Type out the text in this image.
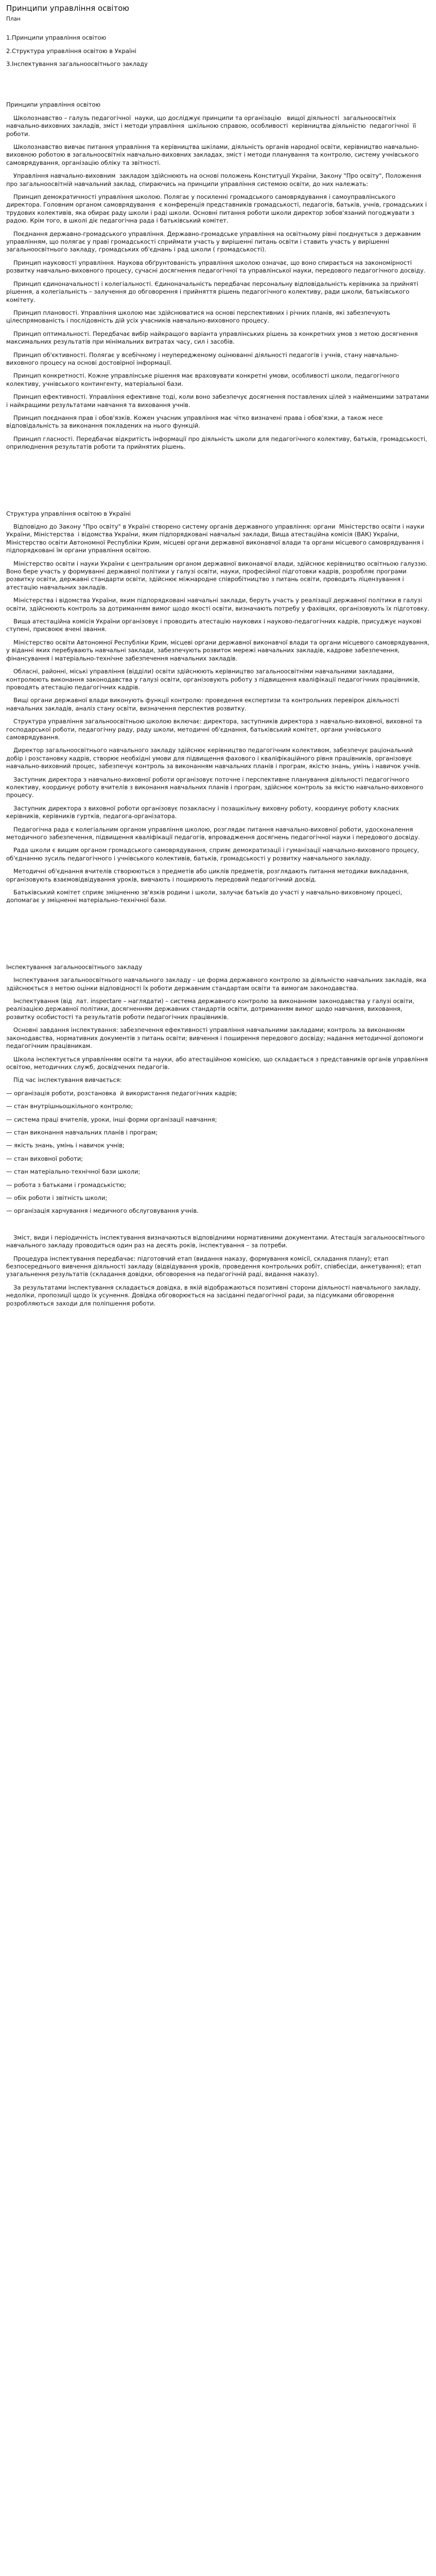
Принципи управління освітою
План

1.Принципи управління освітою

2.Структура управління освітою в Україні

3.Інспектування загальноосвітнього закладу

Принципи управління освітою

Школознавство – галузь педагогічної  науки, що досліджує принципи та організацію   вищої діяльності  загальноосвітніх навчально-виховних закладів, зміст і методи управління  шкільною справою, особливості  керівництва діяльністю  педагогічної  її роботи.

Школознавство вивчає питання управління та керівництва шкілами, діяльність органів народної освіти, керівництво навчально-виховною роботою в загальноосвітніх навчально-виховних закладах, зміст і методи планування та контролю, систему учнівського самоврядування, організацію обліку та звітності.

Управління навчально-виховним  закладом здійснюють на основі положень Конституції України, Закону "Про освіту", Положення про загальноосвітній навчальний заклад, спираючись на принципи управління системою освіти, до них належать:

Принцип демократичності управління школою. Полягає у посиленні громадського самоврядування і самоуправлінського директора. Головним органом самоврядування  є конференція представників громадськості, педагогів, батьків, учнів, громадських і трудових колективів, яка обирає раду школи і раді школи. Основні питання роботи школи директор зобов'язаний погоджувати з радою. Крім того, в школі діє педагогічна рада і батьківський комітет.

Поєднання державно-громадського управління. Державно-громадське управління на освітньому рівні поєднується з державним управлінням, що полягає у праві громадськості сприймати участь у вирішенні питань освіти і ставить участь у вирішенні загальноосвітнього закладу, громадських об'єднань і рад школи ( громадськості).

Принцип науковості управління. Наукова обґрунтованість управління школою означає, що воно спирається на закономірності розвитку навчально-виховного процесу, сучасні досягнення педагогічної та управлінської науки, передового педагогічного досвіду.

Принцип єдиноначальності і колегіальності. Єдиноначальність передбачає персональну відповідальність керівника за прийняті рішення, а колегіальність – залучення до обговорення і прийняття рішень педагогічного колективу, ради школи, батьківського комітету.

Принцип плановості. Управління школою має здійснюватися на основі перспективних і річних планів, які забезпечують цілеспрямованість і послідовність дій усіх учасників навчально-виховного процесу.

Принцип оптимальності. Передбачає вибір найкращого варіанта управлінських рішень за конкретних умов з метою досягнення максимальних результатів при мінімальних витратах часу, сил і засобів.

Принцип об'єктивності. Полягає у всебічному і неупередженому оцінюванні діяльності педагогів і учнів, стану навчально-виховного процесу на основі достовірної інформації.

Принцип конкретності. Кожне управлінське рішення має враховувати конкретні умови, особливості школи, педагогічного колективу, учнівського контингенту, матеріальної бази.

Принцип ефективності. Управління ефективне тоді, коли воно забезпечує досягнення поставлених цілей з найменшими затратами і найкращими результатами навчання та виховання учнів.

Принцип поєднання прав і обов'язків. Кожен учасник управління має чітко визначені права і обов'язки, а також несе відповідальність за виконання покладених на нього функцій.

Принцип гласності. Передбачає відкритість інформації про діяльність школи для педагогічного колективу, батьків, громадськості, оприлюднення результатів роботи та прийнятих рішень.

Структура управління освітою в Україні

Відповідно до Закону "Про освіту" в Україні створено систему органів державного управління: органи  Міністерство освіти і науки України, Міністерства  і відомства України, яким підпорядковані навчальні заклади, Вища атестаційна комісія (ВАК) України, Міністерство освіти Автономної Республіки Крим, місцеві органи державної виконавчої влади та органи місцевого самоврядування і підпорядковані їм органи управління освітою.

Міністерство освіти і науки України є центральним органом державної виконавчої влади, здійснює керівництво освітньою галуззю. Воно бере участь у формуванні державної політики у галузі освіти, науки, професійної підготовки кадрів, розробляє програми розвитку освіти, державні стандарти освіти, здійснює міжнародне співробітництво з питань освіти, проводить ліцензування і атестацію навчальних закладів.

Міністерства і відомства України, яким підпорядковані навчальні заклади, беруть участь у реалізації державної політики в галузі освіти, здійснюють контроль за дотриманням вимог щодо якості освіти, визначають потребу у фахівцях, організовують їх підготовку.

Вища атестаційна комісія України організовує і проводить атестацію наукових і науково-педагогічних кадрів, присуджує наукові ступені, присвоює вчені звання.

Міністерство освіти Автономної Республіки Крим, місцеві органи державної виконавчої влади та органи місцевого самоврядування, у віданні яких перебувають навчальні заклади, забезпечують розвиток мережі навчальних закладів, кадрове забезпечення, фінансування і матеріально-технічне забезпечення навчальних закладів.

Обласні, районні, міські управління (відділи) освіти здійснюють керівництво загальноосвітніми навчальними закладами, контролюють виконання законодавства у галузі освіти, організовують роботу з підвищення кваліфікації педагогічних працівників, проводять атестацію педагогічних кадрів.

Вищі органи державної влади виконують функції контролю: проведення експертизи та контрольних перевірок діяльності навчальних закладів, аналіз стану освіти, визначення перспектив розвитку.

Структура управління загальноосвітньою школою включає: директора, заступників директора з навчально-виховної, виховної та господарської роботи, педагогічну раду, раду школи, методичні об'єднання, батьківський комітет, органи учнівського самоврядування.

Директор загальноосвітнього навчального закладу здійснює керівництво педагогічним колективом, забезпечує раціональний добір і розстановку кадрів, створює необхідні умови для підвищення фахового і кваліфікаційного рівня працівників, організовує навчально-виховний процес, забезпечує контроль за виконанням навчальних планів і програм, якістю знань, умінь і навичок учнів.

Заступник директора з навчально-виховної роботи організовує поточне і перспективне планування діяльності педагогічного колективу, координує роботу вчителів з виконання навчальних планів і програм, здійснює контроль за якістю навчально-виховного процесу.

Заступник директора з виховної роботи організовує позакласну і позашкільну виховну роботу, координує роботу класних керівників, керівників гуртків, педагога-організатора.

Педагогічна рада є колегіальним органом управління школою, розглядає питання навчально-виховної роботи, удосконалення методичного забезпечення, підвищення кваліфікації педагогів, впровадження досягнень педагогічної науки і передового досвіду.

Рада школи є вищим органом громадського самоврядування, сприяє демократизації і гуманізації навчально-виховного процесу, об'єднанню зусиль педагогічного і учнівського колективів, батьків, громадськості у розвитку навчального закладу.

Методичні об'єднання вчителів створюються з предметів або циклів предметів, розглядають питання методики викладання, організовують взаємовідвідування уроків, вивчають і поширюють передовий педагогічний досвід.

Батьківський комітет сприяє зміцненню зв'язків родини і школи, залучає батьків до участі у навчально-виховному процесі, допомагає у зміцненні матеріально-технічної бази.

Інспектування загальноосвітнього закладу

Інспектування загальноосвітнього навчального закладу – це форма державного контролю за діяльністю навчальних закладів, яка здійснюється з метою оцінки відповідності їх роботи державним стандартам освіти та вимогам законодавства.

Інспектування (від  лат. inspectare – наглядати) – система державного контролю за виконанням законодавства у галузі освіти, реалізацією державної політики, досягненням державних стандартів освіти, дотриманням вимог щодо навчання, виховання, розвитку особистості та результатів роботи педагогічних працівників.

Основні завдання інспектування: забезпечення ефективності управління навчальними закладами; контроль за виконанням законодавства, нормативних документів з питань освіти; вивчення і поширення передового досвіду; надання методичної допомоги педагогічним працівникам.

Школа інспектується управлінням освіти та науки, або атестаційною комісією, що складається з представників органів управління освітою, методичних служб, досвідчених педагогів.

Під час інспектування вивчається:

— організація роботи, розстановка  й використання педагогічних кадрів;

— стан внутрішньошкільного контролю;

— система праці вчителів, уроки, інші форми організації навчання;

— стан виконання навчальних планів і програм;

— якість знань, умінь і навичок учнів;

— стан виховної роботи;

— стан матеріально-технічної бази школи;

— робота з батьками і громадськістю;

— обік роботи і звітність школи;

— організація харчування і медичного обслуговування учнів.

Зміст, види і періодичність інспектування визначаються відповідними нормативними документами. Атестація загальноосвітнього навчального закладу проводиться один раз на десять років, інспектування – за потреби.

Процедура інспектування передбачає: підготовчий етап (видання наказу, формування комісії, складання плану); етап безпосереднього вивчення діяльності закладу (відвідування уроків, проведення контрольних робіт, співбесіди, анкетування); етап узагальнення результатів (складання довідки, обговорення на педагогічній раді, видання наказу).

За результатами інспектування складається довідка, в якій відображаються позитивні сторони діяльності навчального закладу, недоліки, пропозиції щодо їх усунення. Довідка обговорюється на засіданні педагогічної ради, за підсумками обговорення розробляються заходи для поліпшення роботи.
